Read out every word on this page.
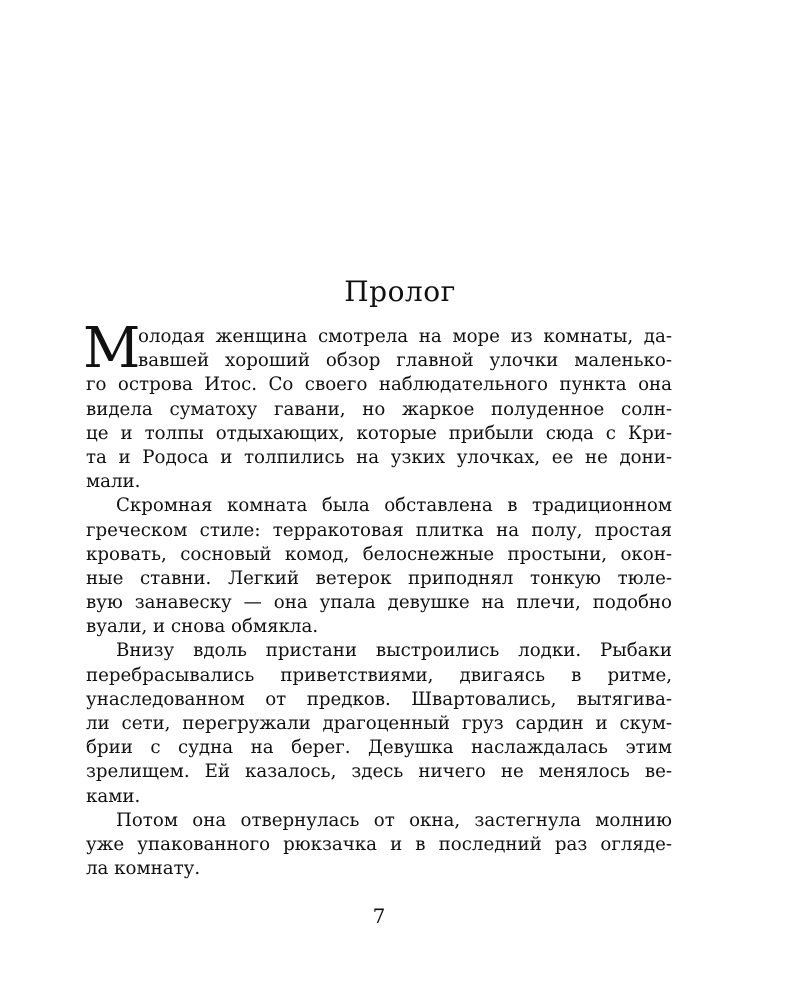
Пролог
М
олодая женщина смотрела на море из комнаты, да-
вавшей хороший обзор главной улочки маленько-
го острова Итос. Со своего наблюдательного пункта она
видела суматоху гавани, но жаркое полуденное солн-
це и толпы отдыхающих, которые прибыли сюда с Кри-
та и Родоса и толпились на узких улочках, ее не дони-
мали.
Скромная комната была обставлена в традиционном
греческом стиле: терракотовая плитка на полу, простая
кровать, сосновый комод, белоснежные простыни, окон-
ные ставни. Легкий ветерок приподнял тонкую тюле-
вую занавеску — она упала девушке на плечи, подобно
вуали, и снова обмякла.
Внизу вдоль пристани выстроились лодки. Рыбаки
перебрасывались приветствиями, двигаясь в ритме,
унаследованном от предков. Швартовались, вытягива-
ли сети, перегружали драгоценный груз сардин и скум-
брии с судна на берег. Девушка наслаждалась этим
зрелищем. Ей казалось, здесь ничего не менялось ве-
ками.
Потом она отвернулась от окна, застегнула молнию
уже упакованного рюкзачка и в последний раз огляде-
ла комнату.
7
